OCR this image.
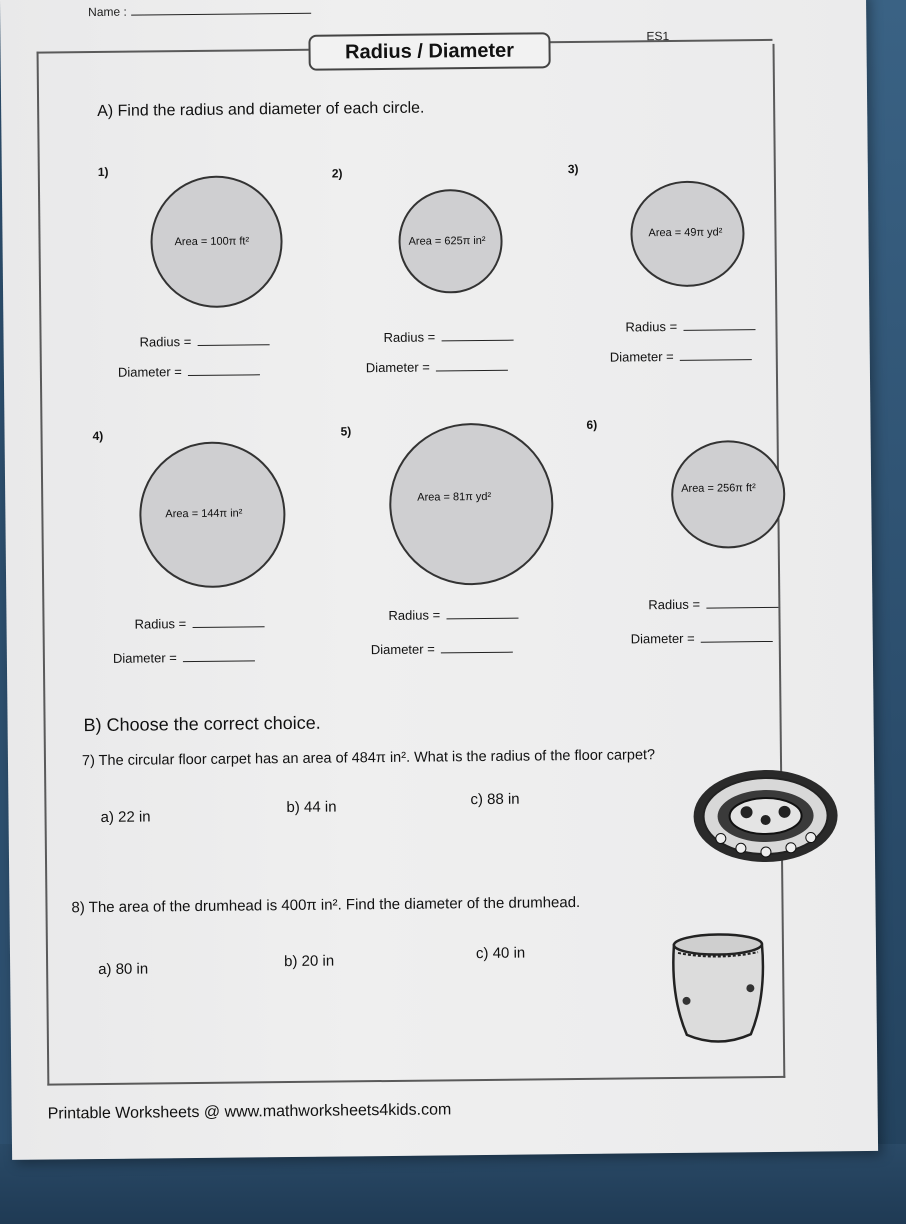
Name :
ES1
Radius / Diameter
A) Find the radius and diameter of each circle.
1)
Area = 100π ft²
2)
Area = 625π in²
3)
Area = 49π yd²
Radius =
Diameter =
Radius =
Diameter =
Radius =
Diameter =
4)
Area = 144π in²
5)
Area = 81π yd²
6)
Area = 256π ft²
Radius =
Diameter =
Radius =
Diameter =
Radius =
Diameter =
B) Choose the correct choice.
7) The circular floor carpet has an area of 484π in². What is the radius of the floor carpet?
a) 22 in
b) 44 in	c) 88 in
8) The area of the drumhead is 400π in². Find the diameter of the drumhead.
a) 80 in	b) 20 in	c) 40 in
Printable Worksheets @ www.mathworksheets4kids.com
